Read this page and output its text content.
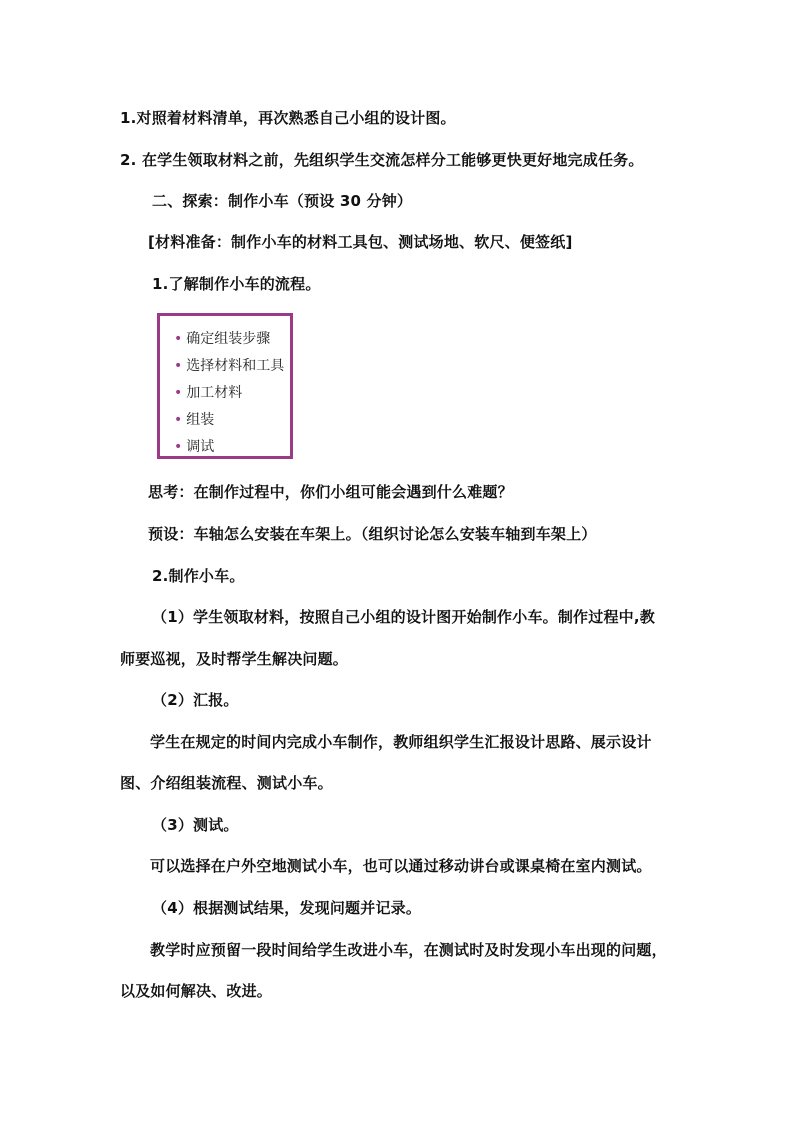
1.对照着材料清单，再次熟悉自己小组的设计图。
2. 在学生领取材料之前，先组织学生交流怎样分工能够更快更好地完成任务。
二、探索：制作小车（预设 30 分钟）
[材料准备：制作小车的材料工具包、测试场地、软尺、便签纸]
1.了解制作小车的流程。
• 确定组装步骤
• 选择材料和工具
• 加工材料
• 组装
• 调试
思考：在制作过程中，你们小组可能会遇到什么难题？
预设：车轴怎么安装在车架上。（组织讨论怎么安装车轴到车架上）
2.制作小车。
（1）学生领取材料，按照自己小组的设计图开始制作小车。制作过程中,教
师要巡视，及时帮学生解决问题。
（2）汇报。
学生在规定的时间内完成小车制作，教师组织学生汇报设计思路、展示设计
图、介绍组装流程、测试小车。
（3）测试。
可以选择在户外空地测试小车，也可以通过移动讲台或课桌椅在室内测试。
（4）根据测试结果，发现问题并记录。
教学时应预留一段时间给学生改进小车，在测试时及时发现小车出现的问题，
以及如何解决、改进。
